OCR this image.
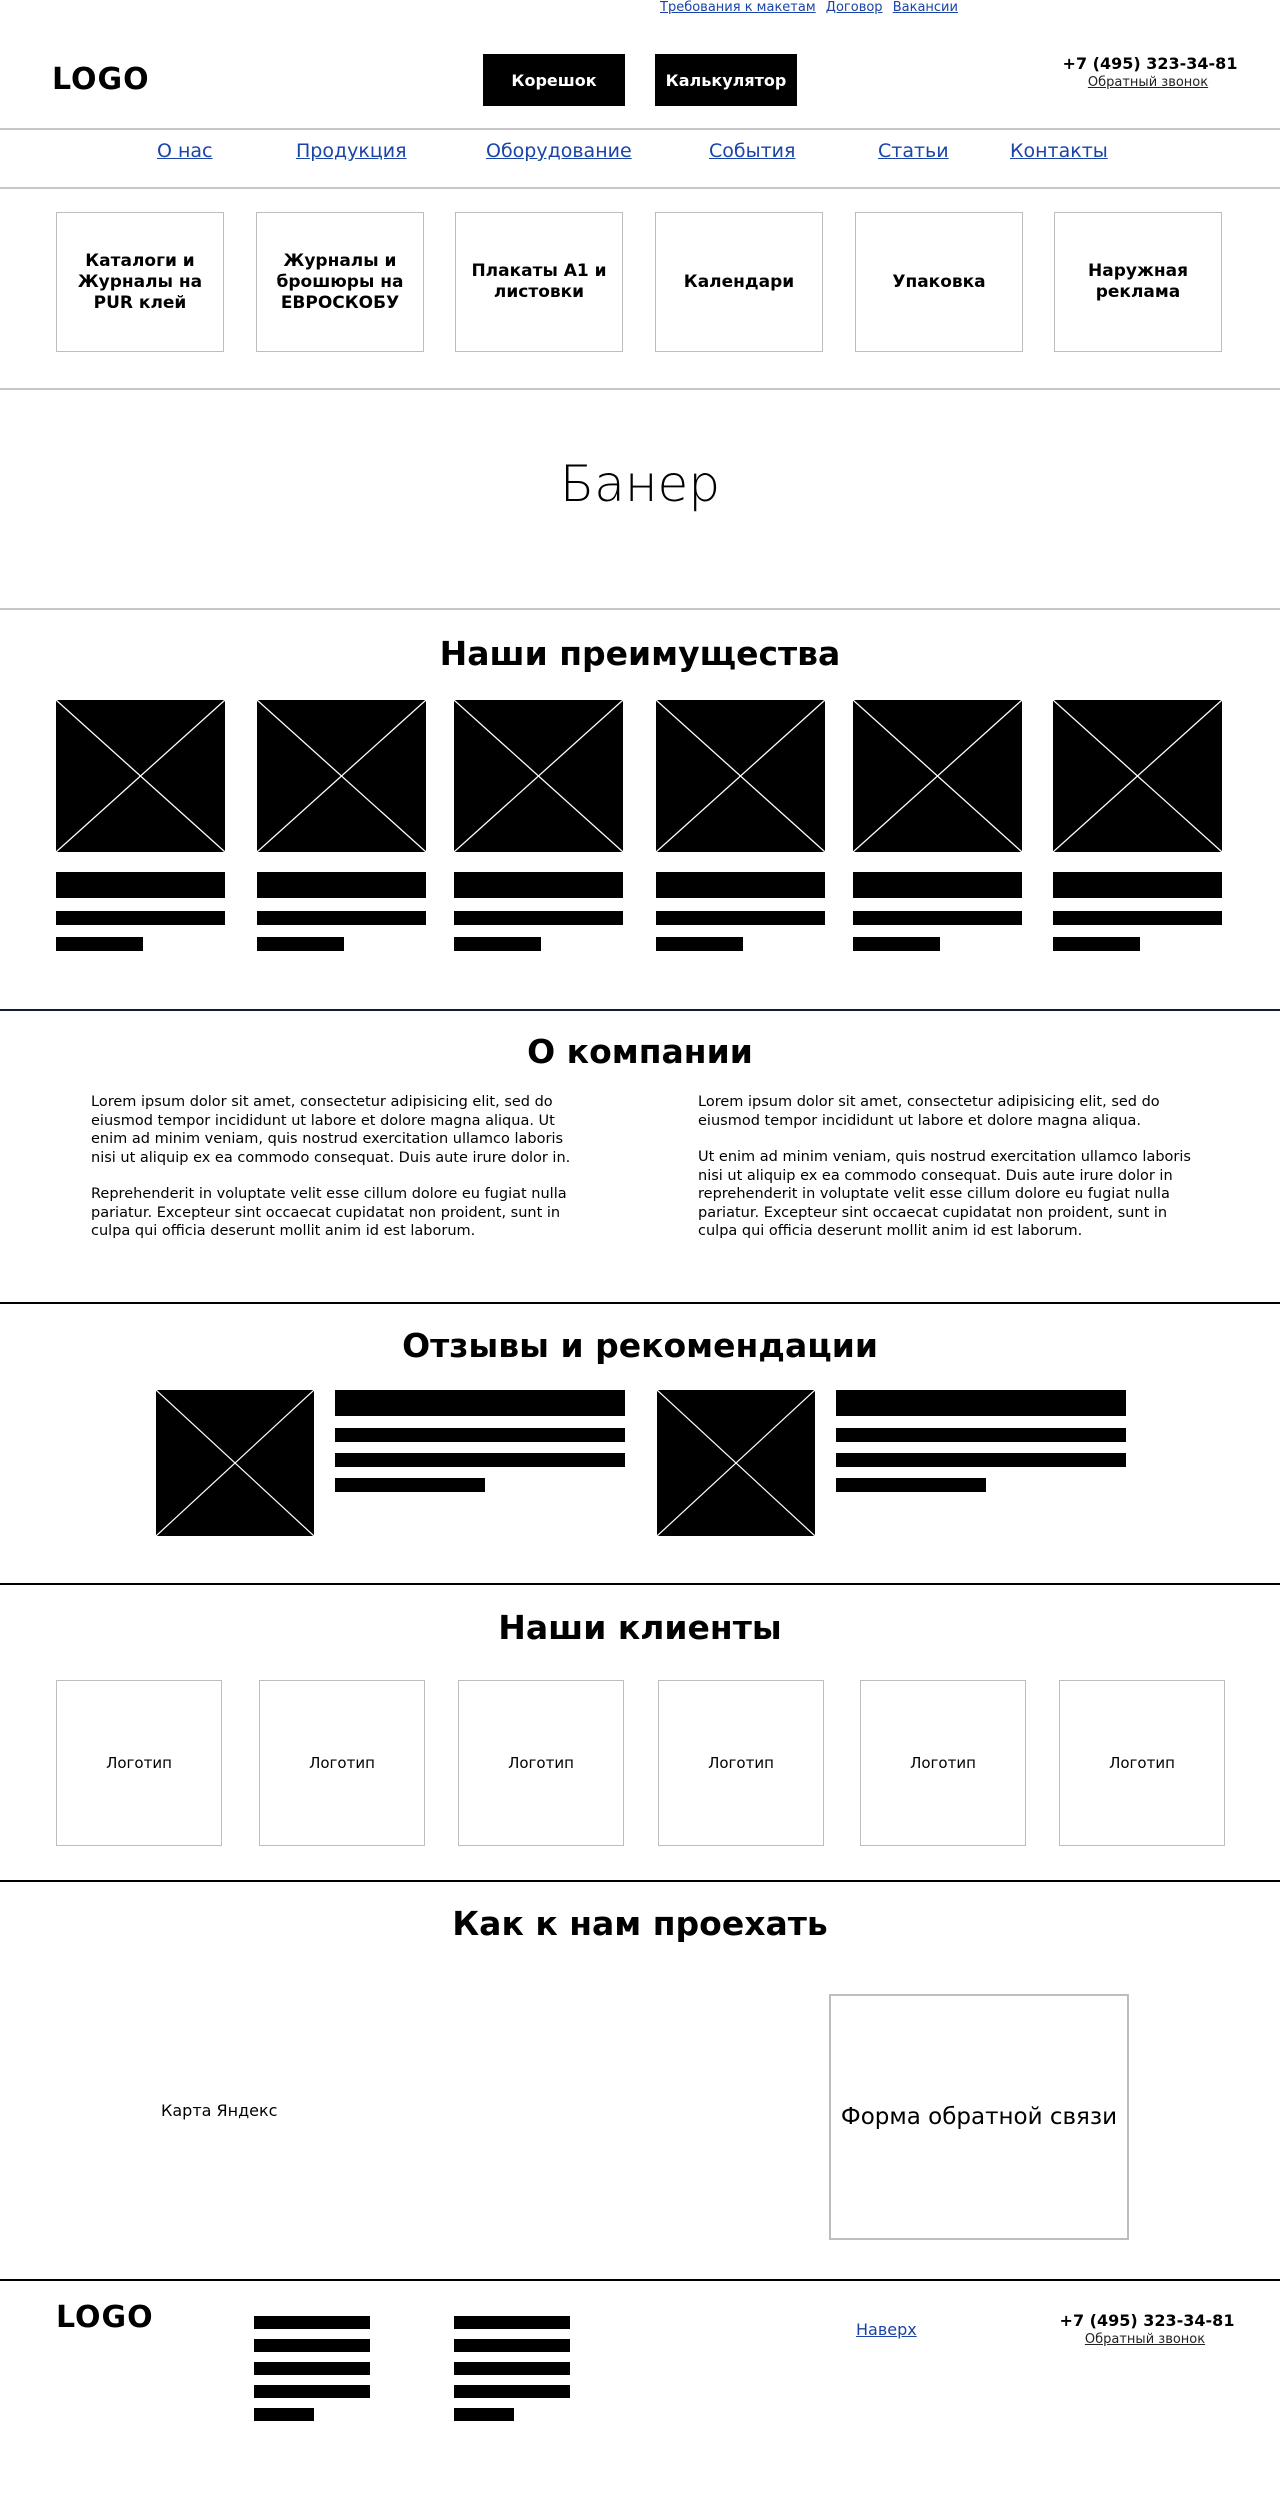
Требования к макетам Договор Вакансии
LOGO	Корешок	Калькулятор
+7 (495) 323-34-81
Обратный звонок
О нас	Продукция	Оборудование	События	Статьи	Контакты
Каталоги и Журналы на PUR клей
Журналы и брошюры на ЕВРОСКОБУ
Плакаты А1 и листовки
Календари	Упаковка
Наружная реклама
Банер
Наши преимущества
О компании

Lorem ipsum dolor sit amet, consectetur adipisicing elit, sed do eiusmod tempor incididunt ut labore et dolore magna aliqua. Ut enim ad minim veniam, quis nostrud exercitation ullamco laboris nisi ut aliquip ex ea commodo consequat. Duis aute irure dolor in.

Reprehenderit in voluptate velit esse cillum dolore eu fugiat nulla pariatur. Excepteur sint occaecat cupidatat non proident, sunt in culpa qui officia deserunt mollit anim id est laborum.

Lorem ipsum dolor sit amet, consectetur adipisicing elit, sed do eiusmod tempor incididunt ut labore et dolore magna aliqua.

Ut enim ad minim veniam, quis nostrud exercitation ullamco laboris nisi ut aliquip ex ea commodo consequat. Duis aute irure dolor in reprehenderit in voluptate velit esse cillum dolore eu fugiat nulla pariatur. Excepteur sint occaecat cupidatat non proident, sunt in culpa qui officia deserunt mollit anim id est laborum.

Отзывы и рекомендации
Наши клиенты
Логотип	Логотип	Логотип	Логотип	Логотип	Логотип
Как к нам проехать
Карта Яндекс	Форма обратной связи
LOGO	Наверх	+7 (495) 323-34-81
Обратный звонок
